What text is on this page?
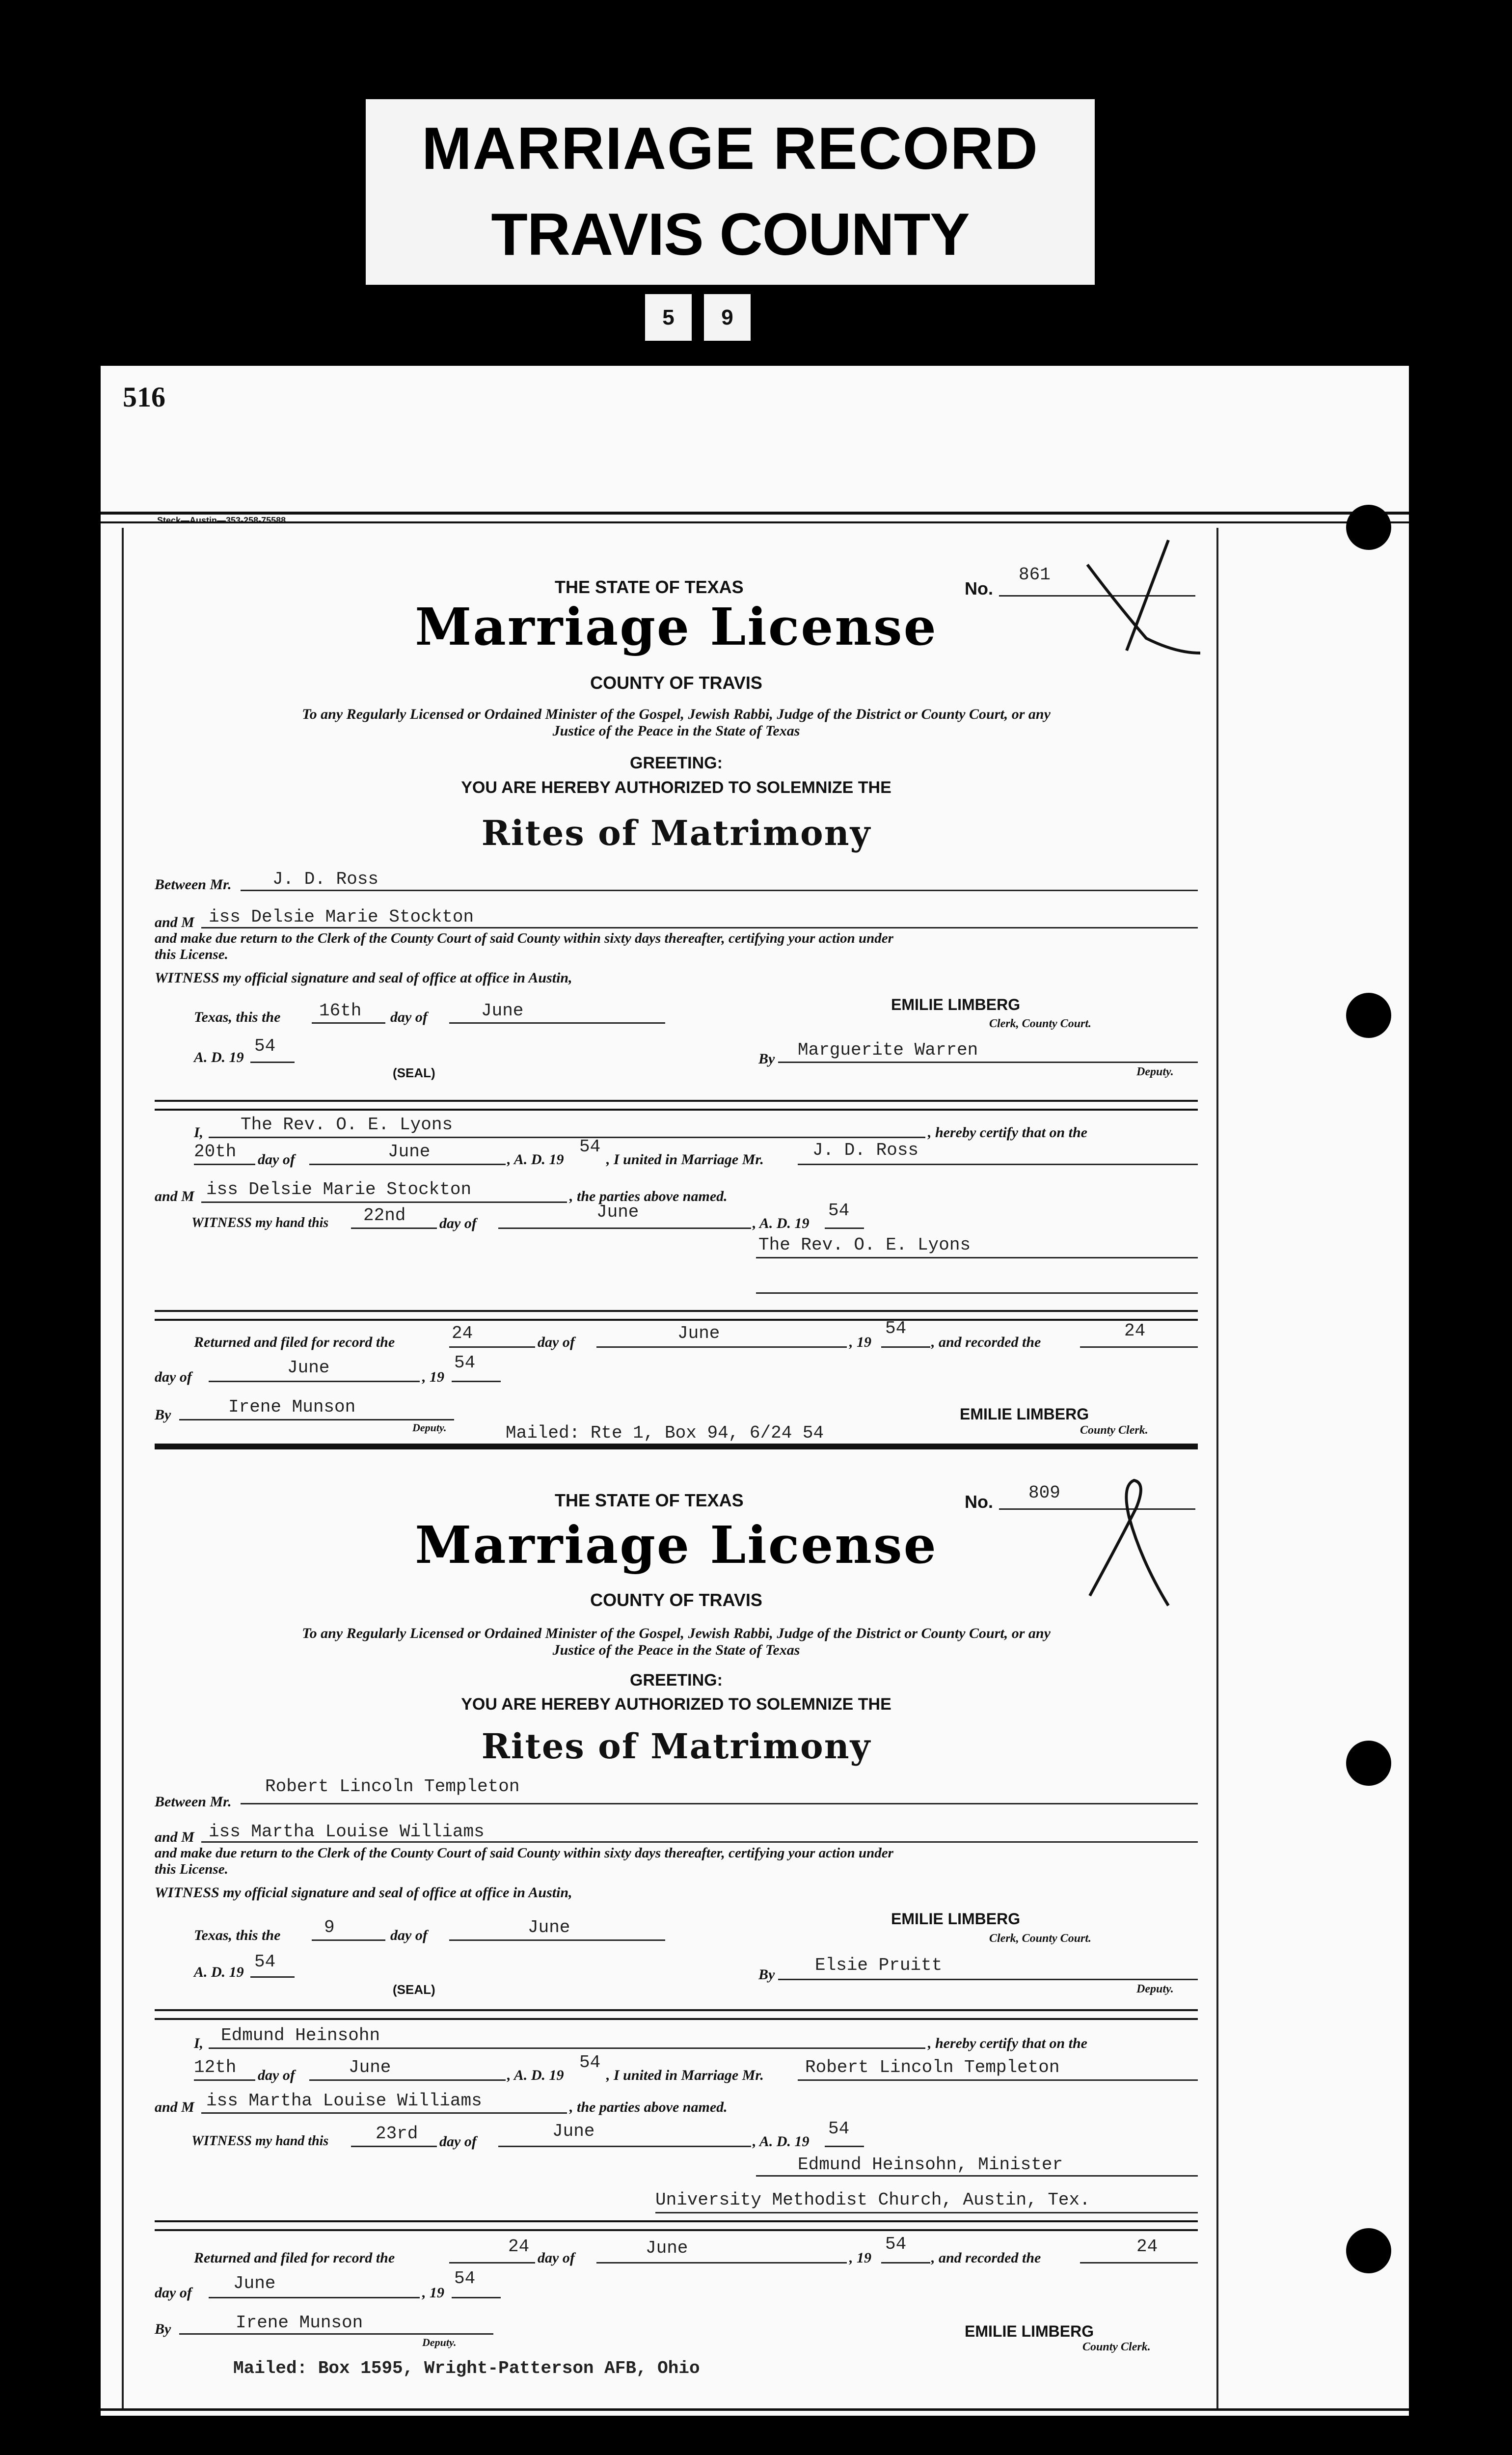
MARRIAGE RECORD
TRAVIS COUNTY
5	9
516
Steck—Austin—353-258-75588
THE STATE OF TEXAS	No.
861
Marriage License
COUNTY OF TRAVIS
To any Regularly Licensed or Ordained Minister of the Gospel, Jewish Rabbi, Judge of the District or County Court, or any
Justice of the Peace in the State of Texas
GREETING:
YOU ARE HEREBY AUTHORIZED TO SOLEMNIZE THE
Rites of Matrimony
Between Mr. J. D. Ross
and M iss Delsie Marie Stockton
and make due return to the Clerk of the County Court of said County within sixty days thereafter, certifying your action under
this License.
WITNESS my official signature and seal of office at office in Austin,
Texas, this the 16th day of	June	EMILIE LIMBERG
Clerk, County Court.
A. D. 19
54
By Marguerite Warren
Deputy.
(SEAL)
I, The Rev. O. E. Lyons	, hereby certify that on the
20th day of	June	, A. D. 19
54
, I united in Marriage Mr.	J. D. Ross
and M iss Delsie Marie Stockton	, the parties above named.
WITNESS my hand this 22nd day of
June
, A. D. 19
54
The Rev. O. E. Lyons
Returned and filed for record the	24	day of	June	, 19
54
, and recorded the
24
day of	June	, 19
54
By	Irene Munson
Deputy.	Mailed: Rte 1, Box 94, 6/24 54
EMILIE LIMBERG
County Clerk.
THE STATE OF TEXAS	No. 809
Marriage License
COUNTY OF TRAVIS
To any Regularly Licensed or Ordained Minister of the Gospel, Jewish Rabbi, Judge of the District or County Court, or any
Justice of the Peace in the State of Texas
GREETING:
YOU ARE HEREBY AUTHORIZED TO SOLEMNIZE THE
Rites of Matrimony
Between Mr.
Robert Lincoln Templeton
and M iss Martha Louise Williams
and make due return to the Clerk of the County Court of said County within sixty days thereafter, certifying your action under
this License.
WITNESS my official signature and seal of office at office in Austin,
Texas, this the 9	day of	June	EMILIE LIMBERG
Clerk, County Court.
A. D. 19
54
By Elsie Pruitt
Deputy.
(SEAL)
I, Edmund Heinsohn	, hereby certify that on the
12th day of	June	, A. D. 19
54
, I united in Marriage Mr. Robert Lincoln Templeton
and M iss Martha Louise Williams	, the parties above named.
WITNESS my hand this	23rd day of
June
, A. D. 19
54
Edmund Heinsohn, Minister
University Methodist Church, Austin, Tex.
Returned and filed for record the
24
day of	June	, 19
54
, and recorded the
24
day of June	, 19
54
By	Irene Munson
Deputy.
EMILIE LIMBERG
County Clerk.
Mailed: Box 1595, Wright-Patterson AFB, Ohio
